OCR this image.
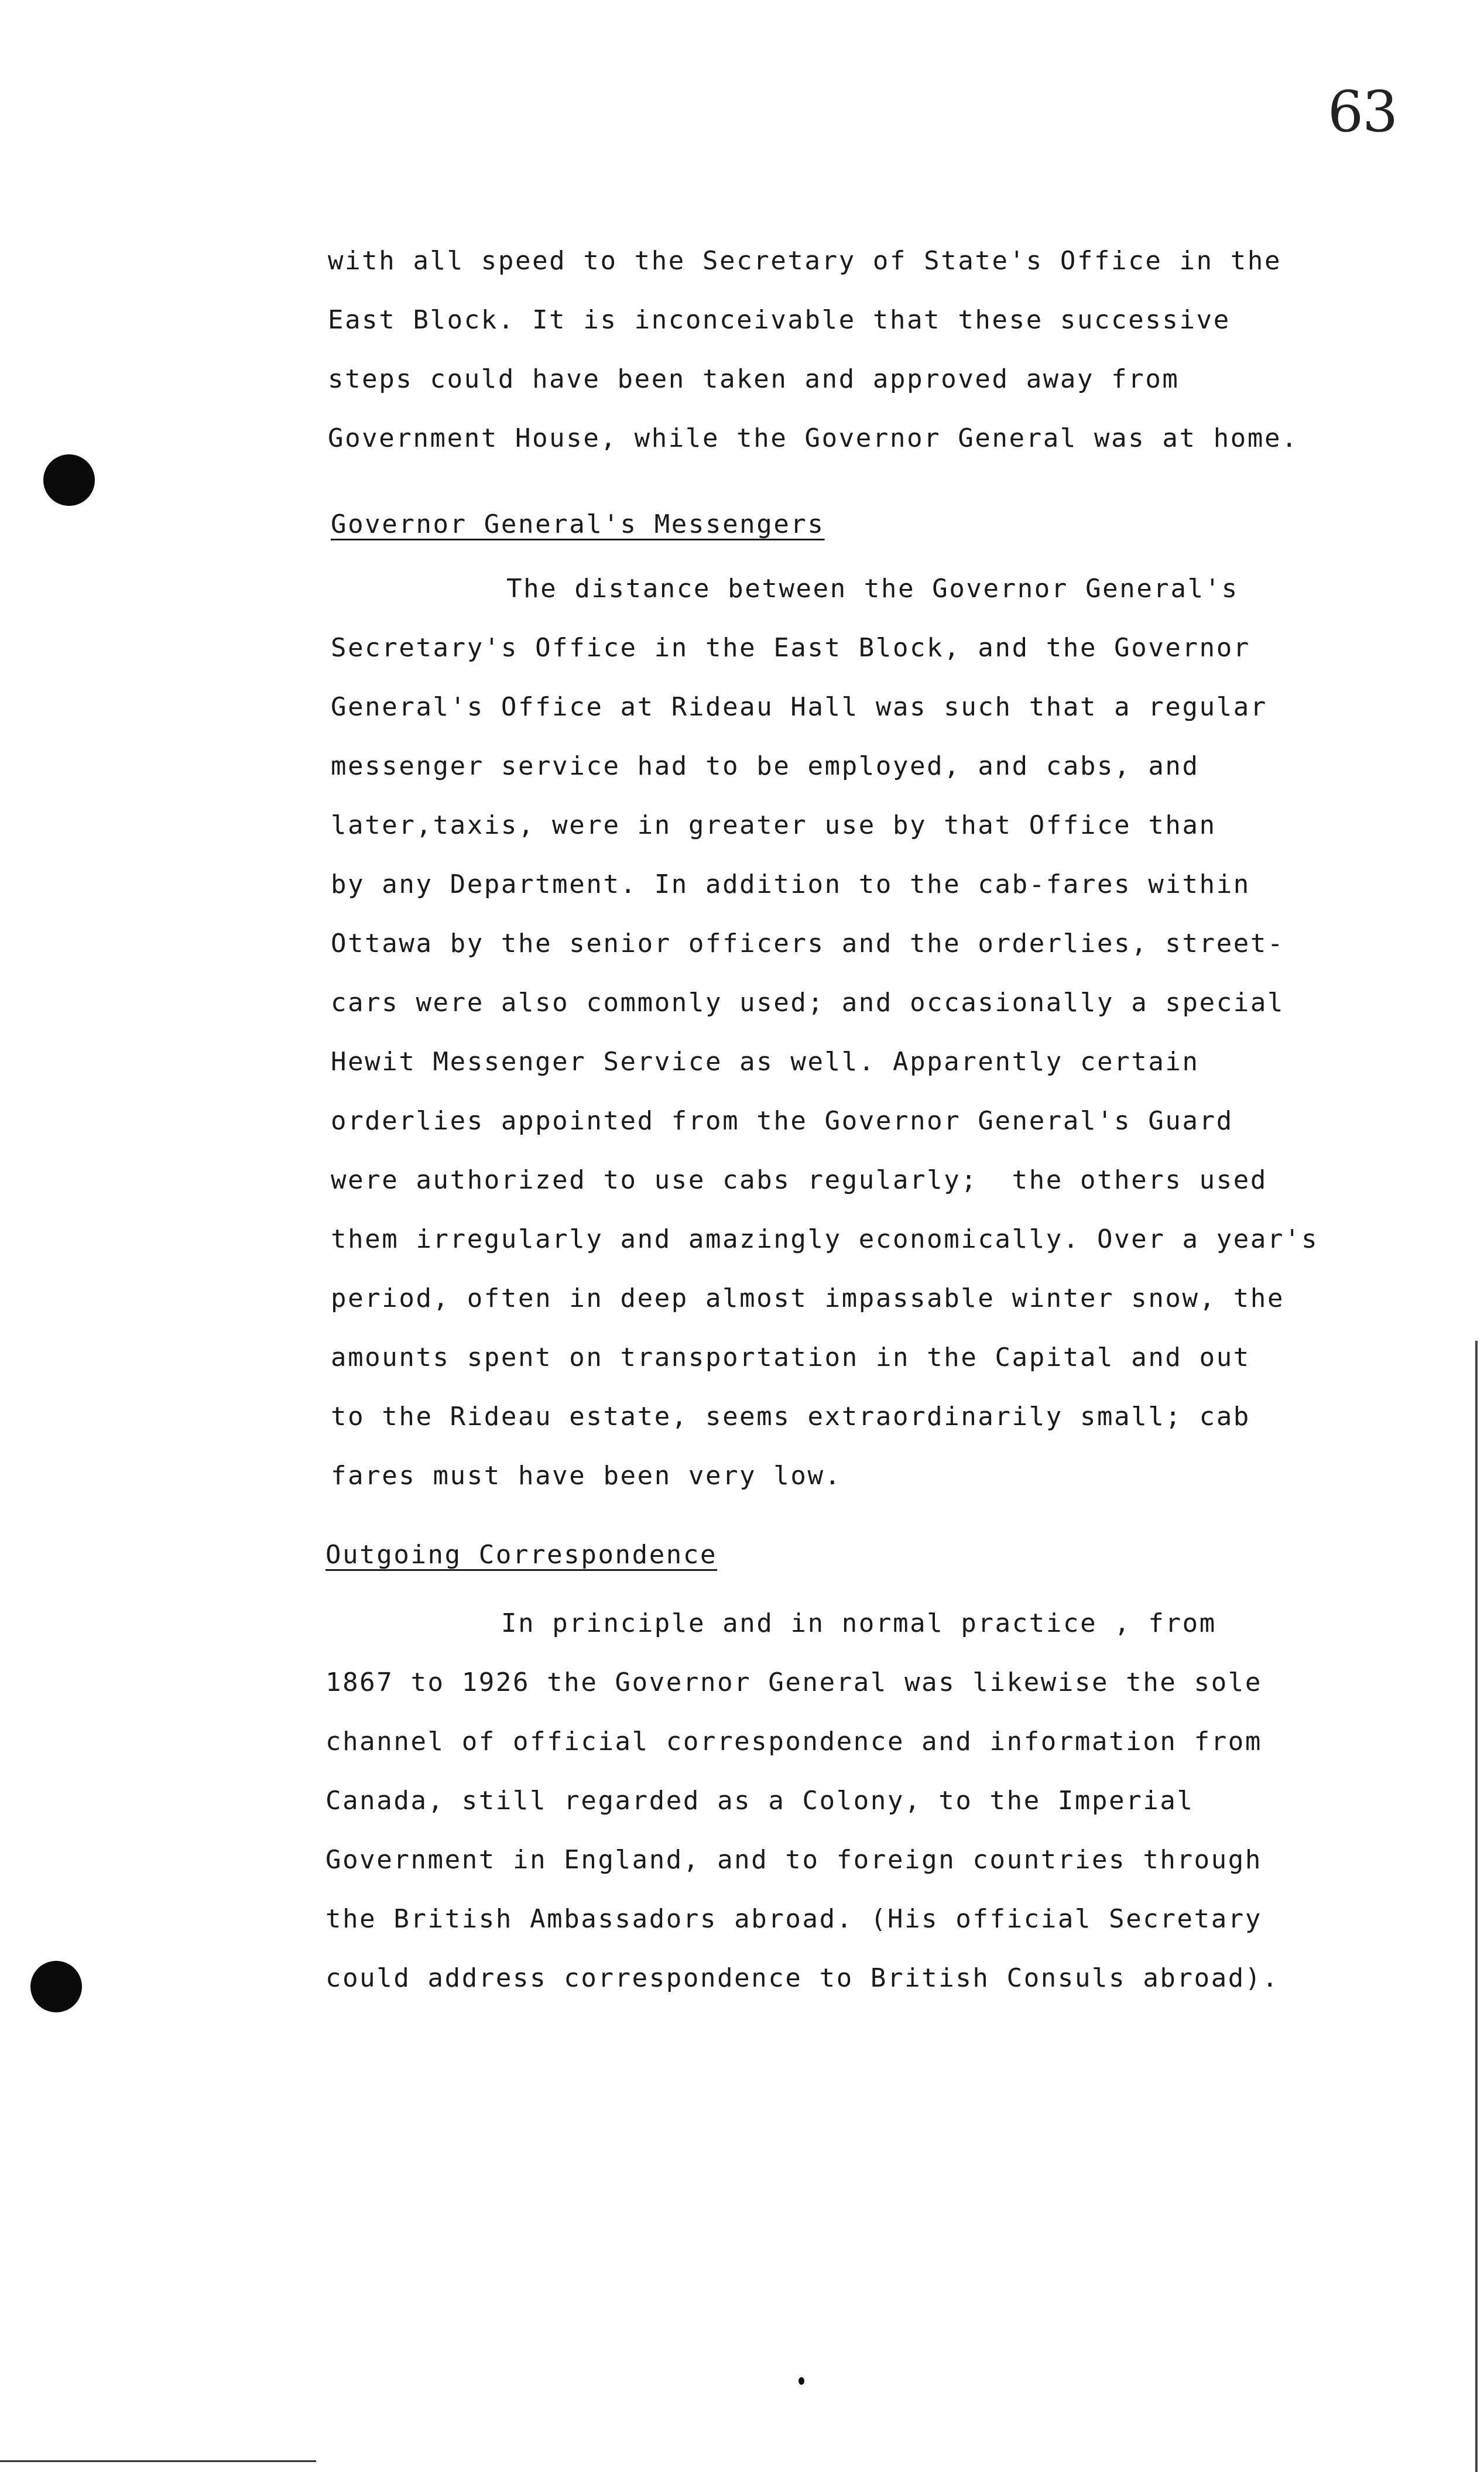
63
with all speed to the Secretary of State's Office in the
East Block. It is inconceivable that these successive
steps could have been taken and approved away from
Government House, while the Governor General was at home.
Governor General's Messengers
The distance between the Governor General's
Secretary's Office in the East Block, and the Governor
General's Office at Rideau Hall was such that a regular
messenger service had to be employed, and cabs, and
later,taxis, were in greater use by that Office than
by any Department. In addition to the cab-fares within
Ottawa by the senior officers and the orderlies, street-
cars were also commonly used; and occasionally a special
Hewit Messenger Service as well. Apparently certain
orderlies appointed from the Governor General's Guard
were authorized to use cabs regularly;  the others used
them irregularly and amazingly economically. Over a year's
period, often in deep almost impassable winter snow, the
amounts spent on transportation in the Capital and out
to the Rideau estate, seems extraordinarily small; cab
fares must have been very low.
Outgoing Correspondence
In principle and in normal practice , from
1867 to 1926 the Governor General was likewise the sole
channel of official correspondence and information from
Canada, still regarded as a Colony, to the Imperial
Government in England, and to foreign countries through
the British Ambassadors abroad. (His official Secretary
could address correspondence to British Consuls abroad).
